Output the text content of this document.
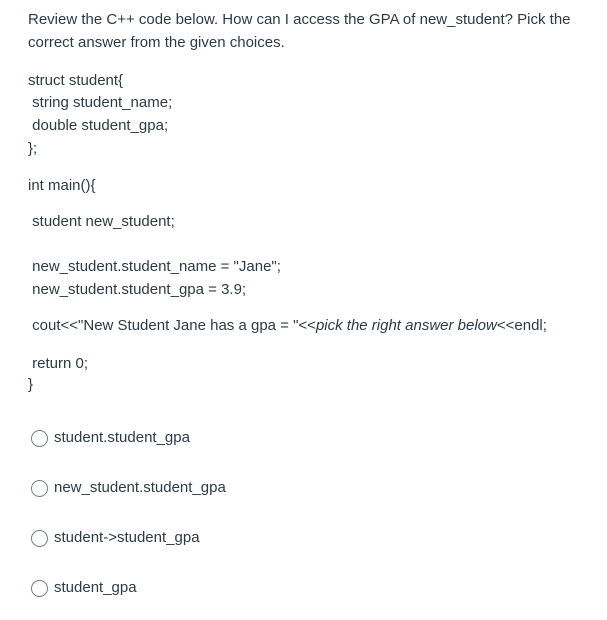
Review the C++ code below. How can I access the GPA of new_student? Pick the correct answer from the given choices.
struct student{
string student_name;
double student_gpa;
};
int main(){
student new_student;
new_student.student_name = "Jane";
new_student.student_gpa = 3.9;
cout<<"New Student Jane has a gpa = "<<pick the right answer below<<endl;
return 0;
}
student.student_gpa
new_student.student_gpa
student->student_gpa
student_gpa
